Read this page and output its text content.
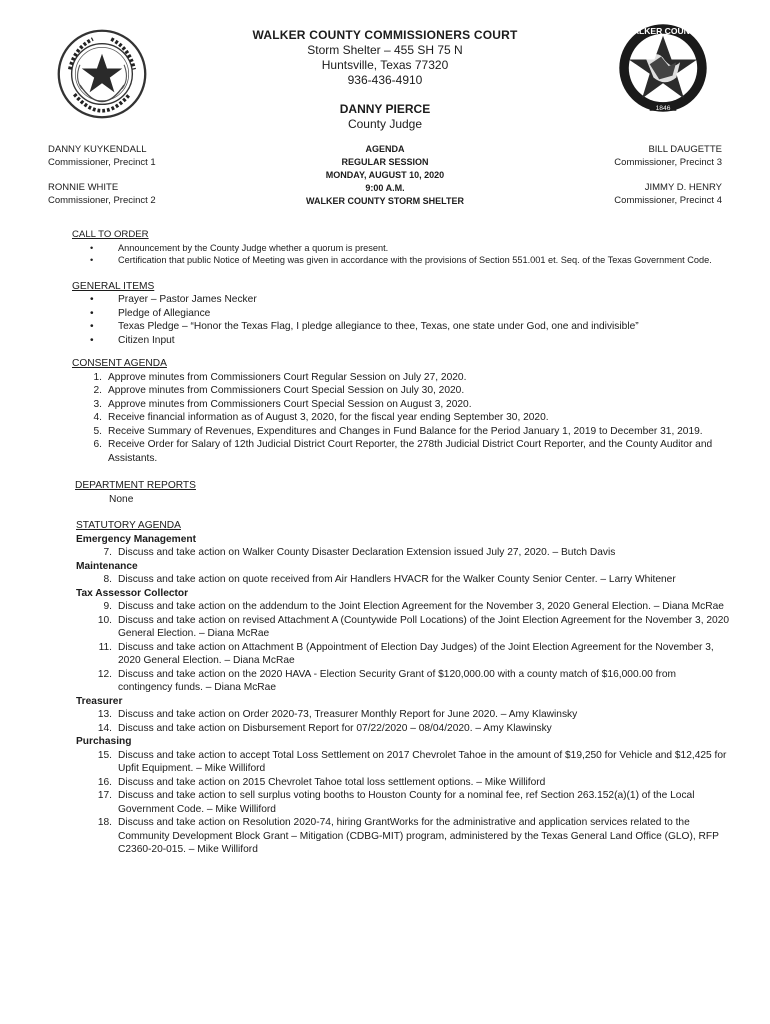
WALKER COUNTY
1846
WALKER COUNTY COMMISSIONERS COURT
Storm Shelter – 455 SH 75 N
Huntsville, Texas 77320
936-436-4910
DANNY PIERCE
County Judge
DANNY KUYKENDALL
Commissioner, Precinct 1
RONNIE WHITE
Commissioner, Precinct 2
BILL DAUGETTE
Commissioner, Precinct 3
JIMMY D. HENRY
Commissioner, Precinct 4
AGENDA
REGULAR SESSION
MONDAY, AUGUST 10, 2020
9:00 A.M.
WALKER COUNTY STORM SHELTER
CALL TO ORDER
• Announcement by the County Judge whether a quorum is present.
• Certification that public Notice of Meeting was given in accordance with the provisions of Section 551.001 et. Seq. of the Texas Government Code.
GENERAL ITEMS
• Prayer – Pastor James Necker
• Pledge of Allegiance
• Texas Pledge – “Honor the Texas Flag, I pledge allegiance to thee, Texas, one state under God, one and indivisible”
• Citizen Input
CONSENT AGENDA
1. Approve minutes from Commissioners Court Regular Session on July 27, 2020.
2. Approve minutes from Commissioners Court Special Session on July 30, 2020.
3. Approve minutes from Commissioners Court Special Session on August 3, 2020.
4. Receive financial information as of August 3, 2020, for the fiscal year ending September 30, 2020.
5. Receive Summary of Revenues, Expenditures and Changes in Fund Balance for the Period January 1, 2019 to December 31, 2019.
6. Receive Order for Salary of 12th Judicial District Court Reporter, the 278th Judicial District Court Reporter, and the County Auditor and Assistants.
DEPARTMENT REPORTS
None
STATUTORY AGENDA
Emergency Management
7. Discuss and take action on Walker County Disaster Declaration Extension issued July 27, 2020. – Butch Davis
Maintenance
8. Discuss and take action on quote received from Air Handlers HVACR for the Walker County Senior Center. – Larry Whitener
Tax Assessor Collector
9. Discuss and take action on the addendum to the Joint Election Agreement for the November 3, 2020 General Election. – Diana McRae
10. Discuss and take action on revised Attachment A (Countywide Poll Locations) of the Joint Election Agreement for the November 3, 2020 General Election. – Diana McRae
11. Discuss and take action on Attachment B (Appointment of Election Day Judges) of the Joint Election Agreement for the November 3, 2020 General Election. – Diana McRae
12. Discuss and take action on the 2020 HAVA - Election Security Grant of $120,000.00 with a county match of $16,000.00 from contingency funds. – Diana McRae
Treasurer
13. Discuss and take action on Order 2020-73, Treasurer Monthly Report for June 2020. – Amy Klawinsky
14. Discuss and take action on Disbursement Report for 07/22/2020 – 08/04/2020. – Amy Klawinsky
Purchasing
15. Discuss and take action to accept Total Loss Settlement on 2017 Chevrolet Tahoe in the amount of $19,250 for Vehicle and $12,425 for Upfit Equipment. – Mike Williford
16. Discuss and take action on 2015 Chevrolet Tahoe total loss settlement options. – Mike Williford
17. Discuss and take action to sell surplus voting booths to Houston County for a nominal fee, ref Section 263.152(a)(1) of the Local Government Code. – Mike Williford
18. Discuss and take action on Resolution 2020-74, hiring GrantWorks for the administrative and application services related to the Community Development Block Grant – Mitigation (CDBG-MIT) program, administered by the Texas General Land Office (GLO), RFP C2360-20-015. – Mike Williford
